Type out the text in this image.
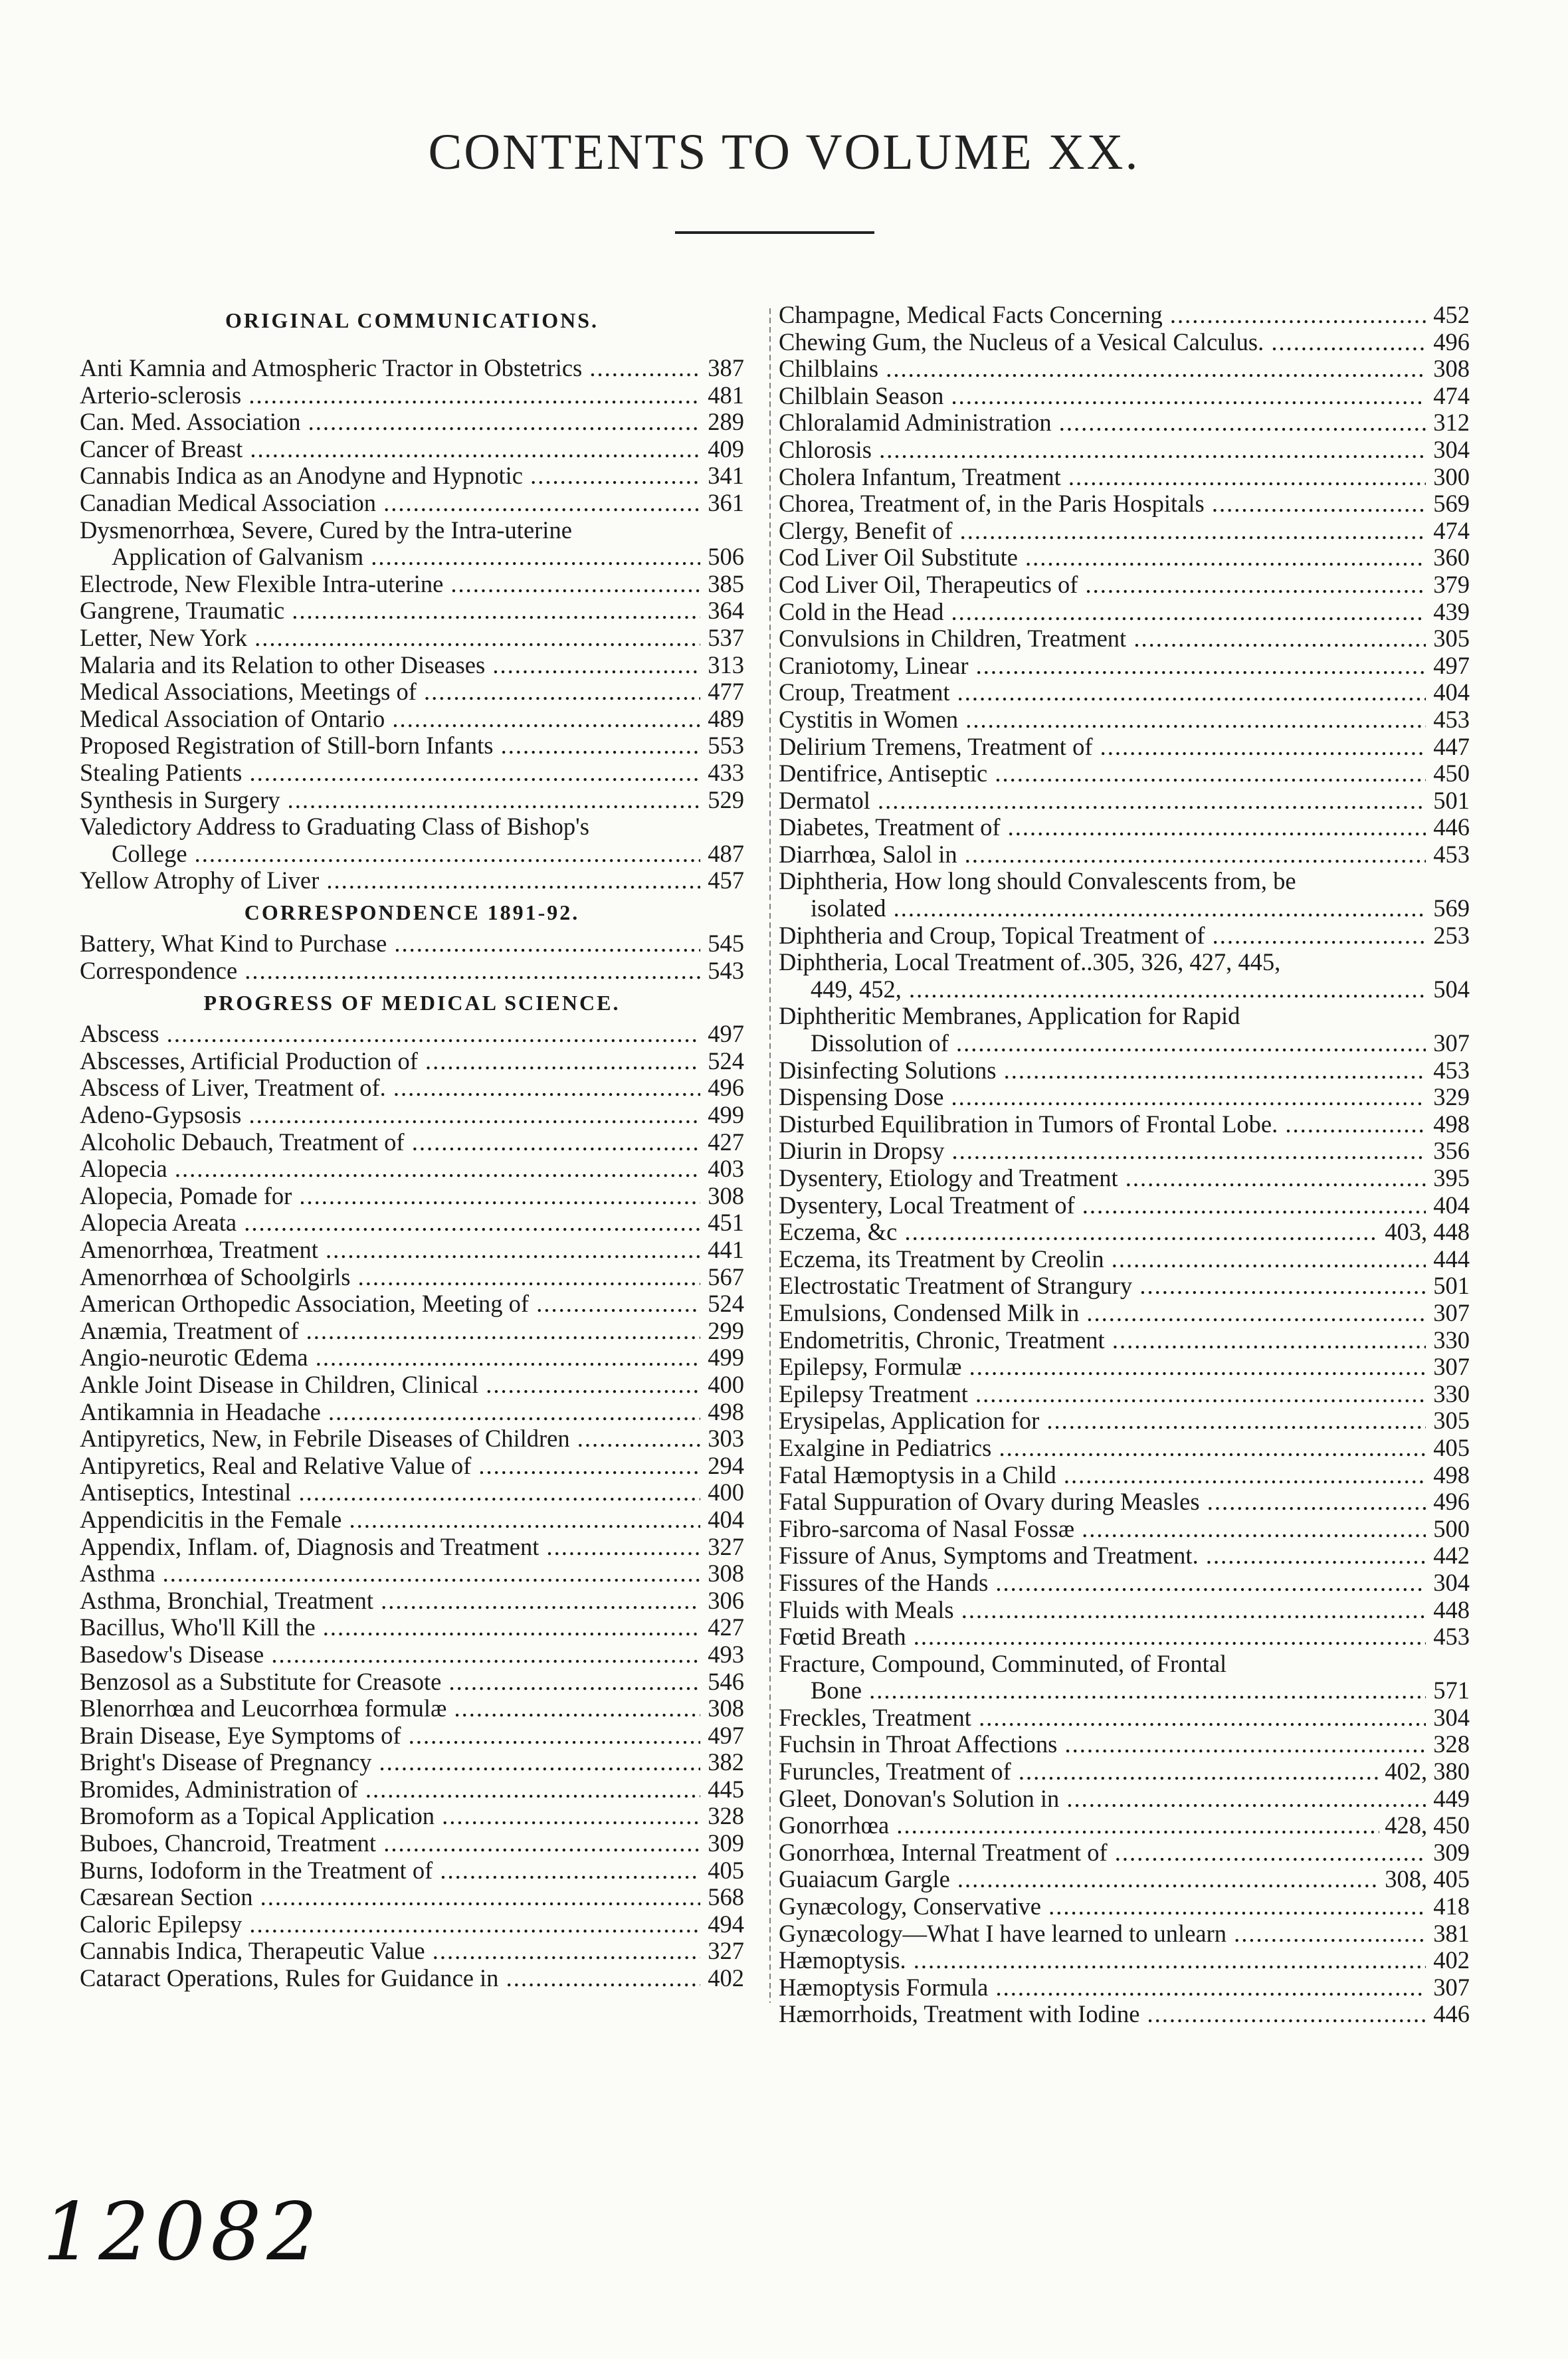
CONTENTS TO VOLUME XX.
ORIGINAL COMMUNICATIONS.
Anti Kamnia and Atmospheric Tractor in Obstetrics .....	387
Arterio-sclerosis .....	481
Can. Med. Association .....	289
Cancer of Breast .....	409
Cannabis Indica as an Anodyne and Hypnotic .....	341
Canadian Medical Association .....	361
Dysmenorrhœa, Severe, Cured by the Intra-uterine
Application of Galvanism .....	506
Electrode, New Flexible Intra-uterine .....	385
Gangrene, Traumatic .....	364
Letter, New York .....	537
Malaria and its Relation to other Diseases .....	313
Medical Associations, Meetings of .....	477
Medical Association of Ontario .....	489
Proposed Registration of Still-born Infants .....	553
Stealing Patients .....	433
Synthesis in Surgery .....	529
Valedictory Address to Graduating Class of Bishop's
College .....	487
Yellow Atrophy of Liver .....	457
CORRESPONDENCE 1891-92.
Battery, What Kind to Purchase .....	545
Correspondence .....	543
PROGRESS OF MEDICAL SCIENCE.
Abscess .....	497
Abscesses, Artificial Production of .....	524
Abscess of Liver, Treatment of. .....	496
Adeno-Gypsosis .....	499
Alcoholic Debauch, Treatment of .....	427
Alopecia .....	403
Alopecia, Pomade for .....	308
Alopecia Areata .....	451
Amenorrhœa, Treatment .....	441
Amenorrhœa of Schoolgirls .....	567
American Orthopedic Association, Meeting of .....	524
Anæmia, Treatment of .....	299
Angio-neurotic Œdema .....	499
Ankle Joint Disease in Children, Clinical .....	400
Antikamnia in Headache .....	498
Antipyretics, New, in Febrile Diseases of Children .....	303
Antipyretics, Real and Relative Value of .....	294
Antiseptics, Intestinal .....	400
Appendicitis in the Female .....	404
Appendix, Inflam. of, Diagnosis and Treatment .....	327
Asthma .....	308
Asthma, Bronchial, Treatment .....	306
Bacillus, Who'll Kill the .....	427
Basedow's Disease .....	493
Benzosol as a Substitute for Creasote .....	546
Blenorrhœa and Leucorrhœa formulæ .....	308
Brain Disease, Eye Symptoms of .....	497
Bright's Disease of Pregnancy .....	382
Bromides, Administration of .....	445
Bromoform as a Topical Application .....	328
Buboes, Chancroid, Treatment .....	309
Burns, Iodoform in the Treatment of .....	405
Cæsarean Section .....	568
Caloric Epilepsy .....	494
Cannabis Indica, Therapeutic Value .....	327
Cataract Operations, Rules for Guidance in .....	402
Champagne, Medical Facts Concerning .....	452
Chewing Gum, the Nucleus of a Vesical Calculus. .....	496
Chilblains .....	308
Chilblain Season .....	474
Chloralamid Administration .....	312
Chlorosis .....	304
Cholera Infantum, Treatment .....	300
Chorea, Treatment of, in the Paris Hospitals .....	569
Clergy, Benefit of .....	474
Cod Liver Oil Substitute .....	360
Cod Liver Oil, Therapeutics of .....	379
Cold in the Head .....	439
Convulsions in Children, Treatment .....	305
Craniotomy, Linear .....	497
Croup, Treatment .....	404
Cystitis in Women .....	453
Delirium Tremens, Treatment of .....	447
Dentifrice, Antiseptic .....	450
Dermatol .....	501
Diabetes, Treatment of .....	446
Diarrhœa, Salol in .....	453
Diphtheria, How long should Convalescents from, be
isolated .....	569
Diphtheria and Croup, Topical Treatment of .....	253
Diphtheria, Local Treatment of..305, 326, 427, 445,
449, 452, .....	504
Diphtheritic Membranes, Application for Rapid
Dissolution of .....	307
Disinfecting Solutions .....	453
Dispensing Dose .....	329
Disturbed Equilibration in Tumors of Frontal Lobe. .....	498
Diurin in Dropsy .....	356
Dysentery, Etiology and Treatment .....	395
Dysentery, Local Treatment of .....	404
Eczema, &c .....	403, 448
Eczema, its Treatment by Creolin .....	444
Electrostatic Treatment of Strangury .....	501
Emulsions, Condensed Milk in .....	307
Endometritis, Chronic, Treatment .....	330
Epilepsy, Formulæ .....	307
Epilepsy Treatment .....	330
Erysipelas, Application for .....	305
Exalgine in Pediatrics .....	405
Fatal Hæmoptysis in a Child .....	498
Fatal Suppuration of Ovary during Measles .....	496
Fibro-sarcoma of Nasal Fossæ .....	500
Fissure of Anus, Symptoms and Treatment. .....	442
Fissures of the Hands .....	304
Fluids with Meals .....	448
Fœtid Breath .....	453
Fracture, Compound, Comminuted, of Frontal
Bone .....	571
Freckles, Treatment .....	304
Fuchsin in Throat Affections .....	328
Furuncles, Treatment of .....	402, 380
Gleet, Donovan's Solution in .....	449
Gonorrhœa .....	428, 450
Gonorrhœa, Internal Treatment of .....	309
Guaiacum Gargle .....	308, 405
Gynæcology, Conservative .....	418
Gynæcology—What I have learned to unlearn .....	381
Hæmoptysis. .....	402
Hæmoptysis Formula .....	307
Hæmorrhoids, Treatment with Iodine .....	446
12082
